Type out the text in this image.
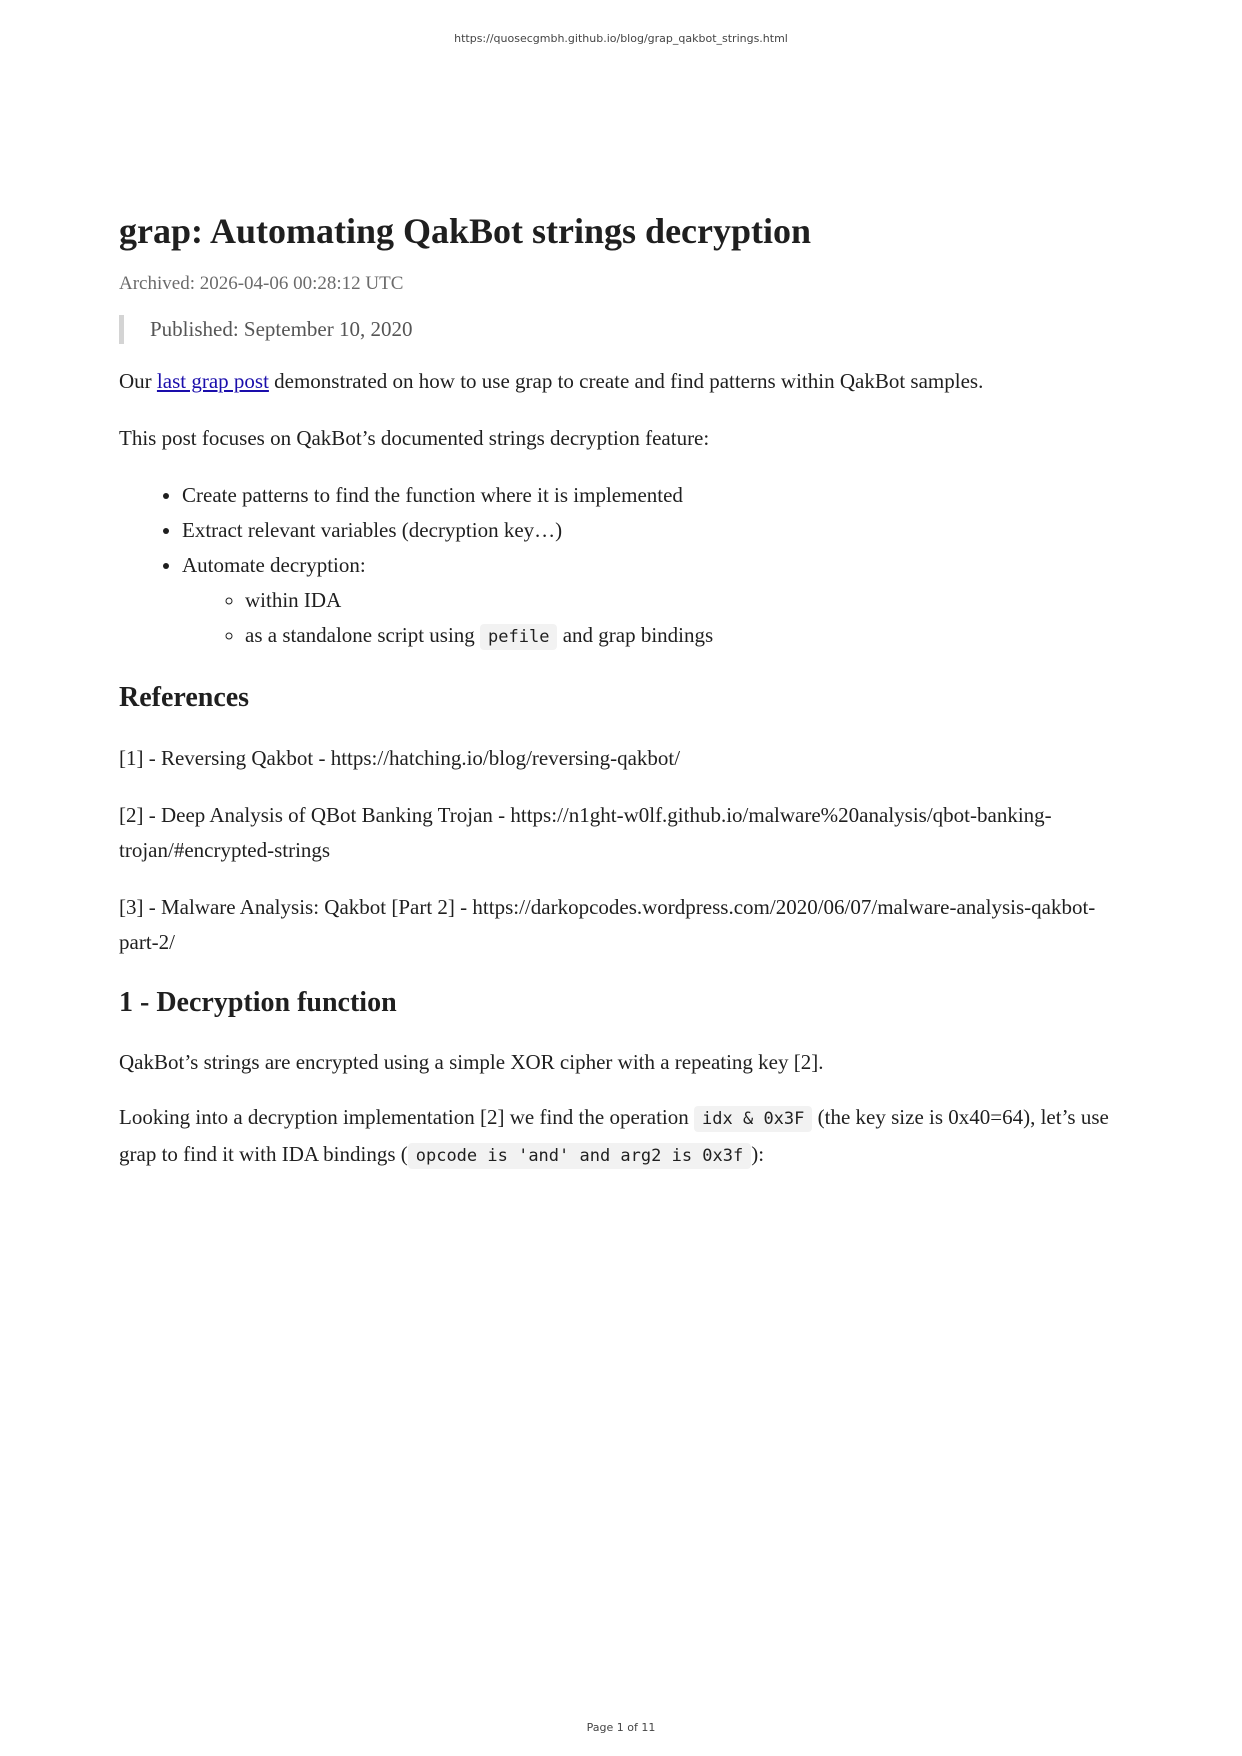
https://quosecgmbh.github.io/blog/grap_qakbot_strings.html
grap: Automating QakBot strings decryption
Archived: 2026-04-06 00:28:12 UTC
Published: September 10, 2020

Our last grap post demonstrated on how to use grap to create and find patterns within QakBot samples.

This post focuses on QakBot’s documented strings decryption feature:

• Create patterns to find the function where it is implemented
• Extract relevant variables (decryption key…)
• Automate decryption:
◦ within IDA
◦ as a standalone script using pefile and grap bindings
References

[1] - Reversing Qakbot - https://hatching.io/blog/reversing-qakbot/

[2] - Deep Analysis of QBot Banking Trojan - https://n1ght-w0lf.github.io/malware%20analysis/qbot-banking-trojan/#encrypted-strings

[3] - Malware Analysis: Qakbot [Part 2] - https://darkopcodes.wordpress.com/2020/06/07/malware-analysis-qakbot-part-2/

1 - Decryption function

QakBot’s strings are encrypted using a simple XOR cipher with a repeating key [2].

Looking into a decryption implementation [2] we find the operation idx & 0x3F (the key size is 0x40=64), let’s use grap to find it with IDA bindings ( opcode is 'and' and arg2 is 0x3f ):

Page 1 of 11
